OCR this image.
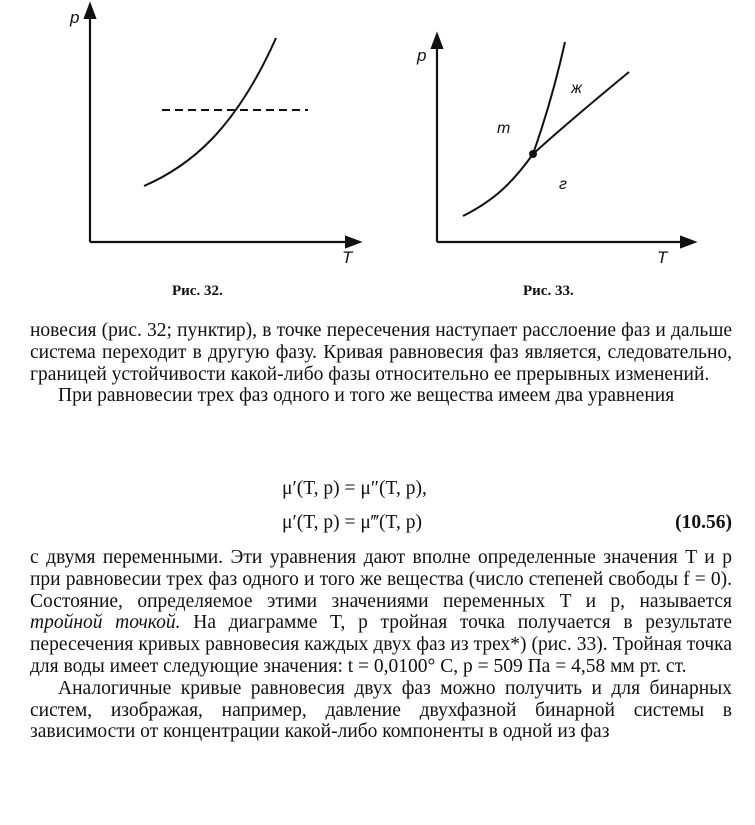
p
T
Рис. 32.
p
T
т
ж
г
Рис. 33.

новесия (рис. 32; пунктир), в точке пересечения наступает расслоение фаз и дальше система переходит в другую фазу. Кривая равновесия фаз является, следовательно, границей устойчивости какой-либо фазы относительно ее прерывных изменений.

При равновесии трех фаз одного и того же вещества имеем два уравнения

μ′(T, p) = μ″(T, p),
μ′(T, p) = μ‴(T, p)	(10.56)

с двумя переменными. Эти уравнения дают вполне определенные значения T и p при равновесии трех фаз одного и того же вещества (число степеней свободы f = 0). Состояние, определяемое этими значениями переменных T и p, называется тройной точкой. На диаграмме T, p тройная точка получается в результате пересечения кривых равновесия каждых двух фаз из трех*) (рис. 33). Тройная точка для воды имеет следующие значения: t = 0,0100° С, p = 509 Па = 4,58 мм рт. ст.

Аналогичные кривые равновесия двух фаз можно получить и для бинарных систем, изображая, например, давление двухфазной бинарной системы в зависимости от концентрации какой-либо компоненты в одной из фаз
